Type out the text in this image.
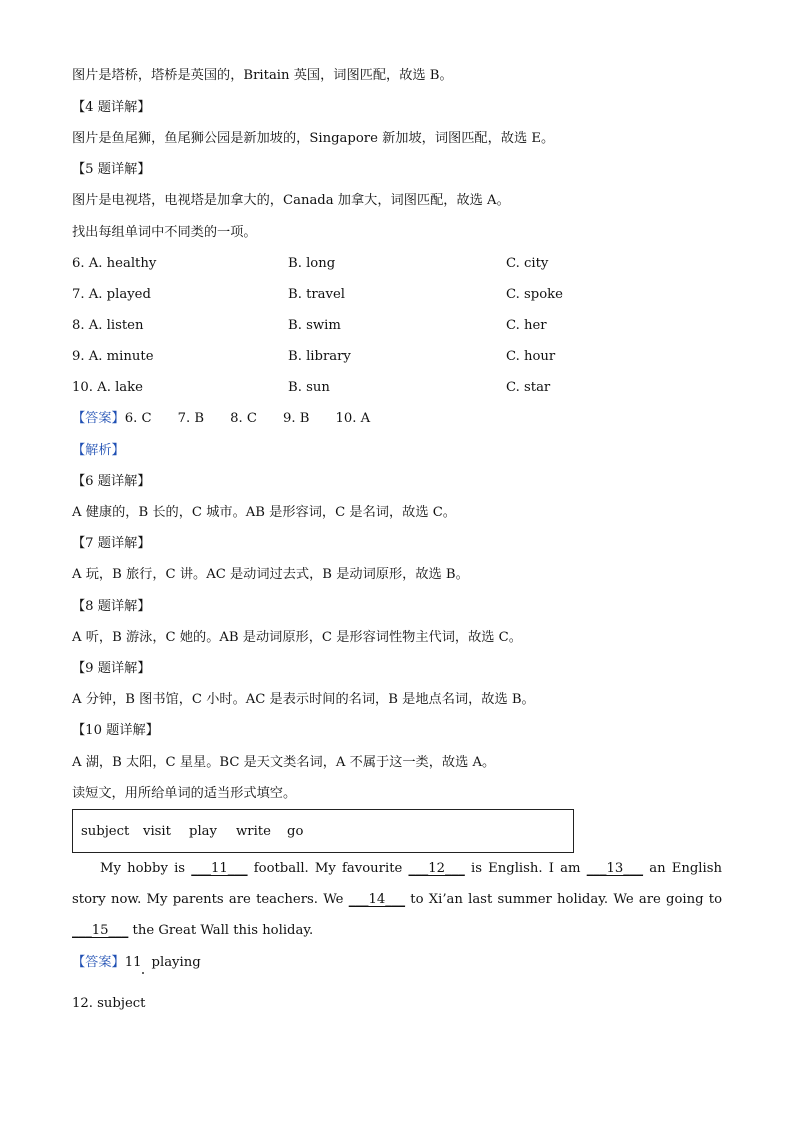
图片是塔桥，塔桥是英国的，Britain 英国，词图匹配，故选 B。
【4 题详解】
图片是鱼尾狮，鱼尾狮公园是新加坡的，Singapore 新加坡，词图匹配，故选 E。
【5 题详解】
图片是电视塔，电视塔是加拿大的，Canada 加拿大，词图匹配，故选 A。
找出每组单词中不同类的一项。
6. A. healthy	B. long	C. city
7. A. played	B. travel	C. spoke
8. A. listen	B. swim	C. her
9. A. minute	B. library	C. hour
10. A. lake	B. sun	C. star
【答案】6. C 7. B 8. C 9. B 10. A
【解析】
【6 题详解】
A 健康的，B 长的，C 城市。AB 是形容词，C 是名词，故选 C。
【7 题详解】
A 玩，B 旅行，C 讲。AC 是动词过去式，B 是动词原形，故选 B。
【8 题详解】
A 听，B 游泳，C 她的。AB 是动词原形，C 是形容词性物主代词，故选 C。
【9 题详解】
A 分钟，B 图书馆，C 小时。AC 是表示时间的名词，B 是地点名词，故选 B。
【10 题详解】
A 湖，B 太阳，C 星星。BC 是天文类名词，A 不属于这一类，故选 A。
读短文，用所给单词的适当形式填空。
subject visit play write go
My hobby is ___11___ football. My favourite ___12___ is English. I am ___13___ an English story now. My parents are teachers. We ___14___ to Xi’an last summer holiday. We are going to ___15___ the Great Wall this holiday.
【答案】11 playing
12. subject
